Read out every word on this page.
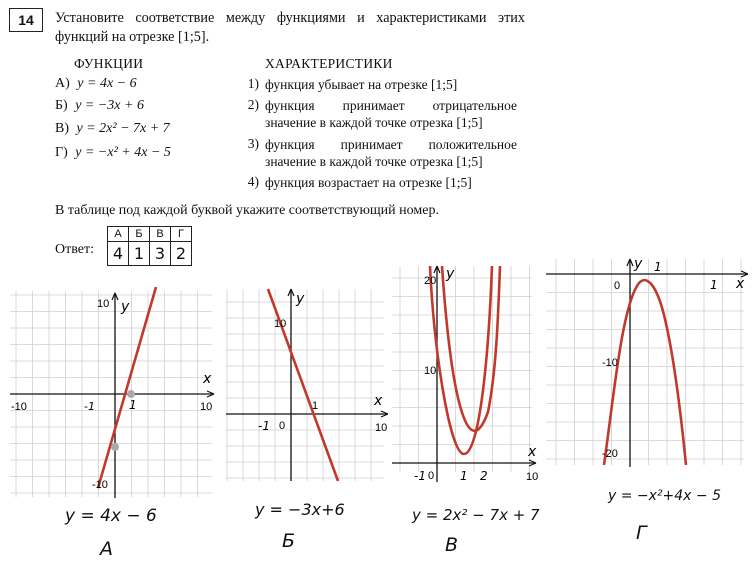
14	Установите соответствие между функциями и характеристиками этих функций на отрезке [1;5].
ФУНКЦИИ	ХАРАКТЕРИСТИКИ
А) y = 4x − 6
Б) y = −3x + 6
В) y = 2x² − 7x + 7
Г) y = −x² + 4x − 5
1) функция убывает на отрезке [1;5]
2) функция принимает отрицательное значение в каждой точке отрезка [1;5]
3) функция принимает положительное значение в каждой точке отрезка [1;5]
4) функция возрастает на отрезке [1;5]
В таблице под каждой буквой укажите соответствующий номер.
Ответ:
А	Б	В	Г
4	1	3	2
10
-10	10
-10
-1	1
y
x
10
10
-1 0
1
y
x
20
10
10
-1 0 1 2
y
x
0
-10
-20
1
1
y
x
y = 4x − 6
А
y = −3x+6
Б
y = 2x² − 7x + 7
В
y = −x²+4x − 5
Г
